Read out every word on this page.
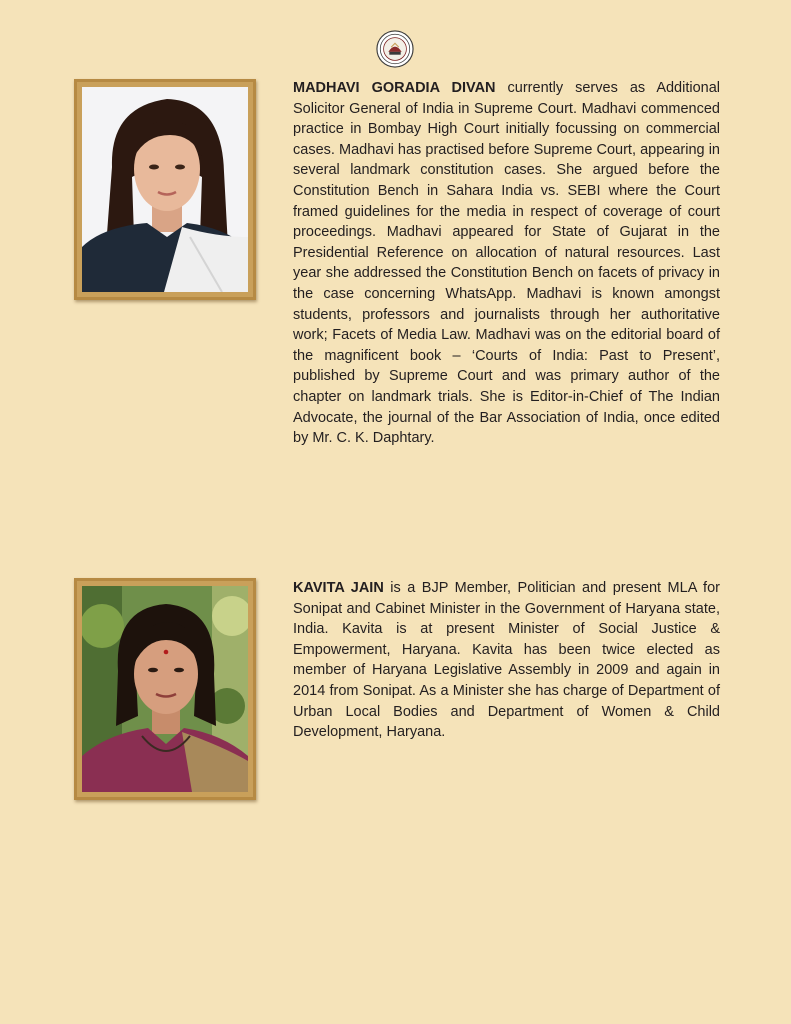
MADHAVI GORADIA DIVAN currently serves as Additional Solicitor General of India in Supreme Court. Madhavi commenced practice in Bombay High Court initially focussing on commercial cases. Madhavi has practised before Supreme Court, appearing in several landmark constitution cases. She argued before the Constitution Bench in Sahara India vs. SEBI where the Court framed guidelines for the media in respect of coverage of court proceedings. Madhavi appeared for State of Gujarat in the Presidential Reference on allocation of natural resources. Last year she addressed the Constitution Bench on facets of privacy in the case concerning WhatsApp. Madhavi is known amongst students, professors and journalists through her authoritative work; Facets of Media Law. Madhavi was on the editorial board of the magnificent book – ‘Courts of India: Past to Present’, published by Supreme Court and was primary author of the chapter on landmark trials. She is Editor-in-Chief of The Indian Advocate, the journal of the Bar Association of India, once edited by Mr. C. K. Daphtary.

KAVITA JAIN is a BJP Member, Politician and present MLA for Sonipat and Cabinet Minister in the Government of Haryana state, India. Kavita is at present Minister of Social Justice & Empowerment, Haryana. Kavita has been twice elected as member of Haryana Legislative Assembly in 2009 and again in 2014 from Sonipat. As a Minister she has charge of Department of Urban Local Bodies and Department of Women & Child Development, Haryana.
